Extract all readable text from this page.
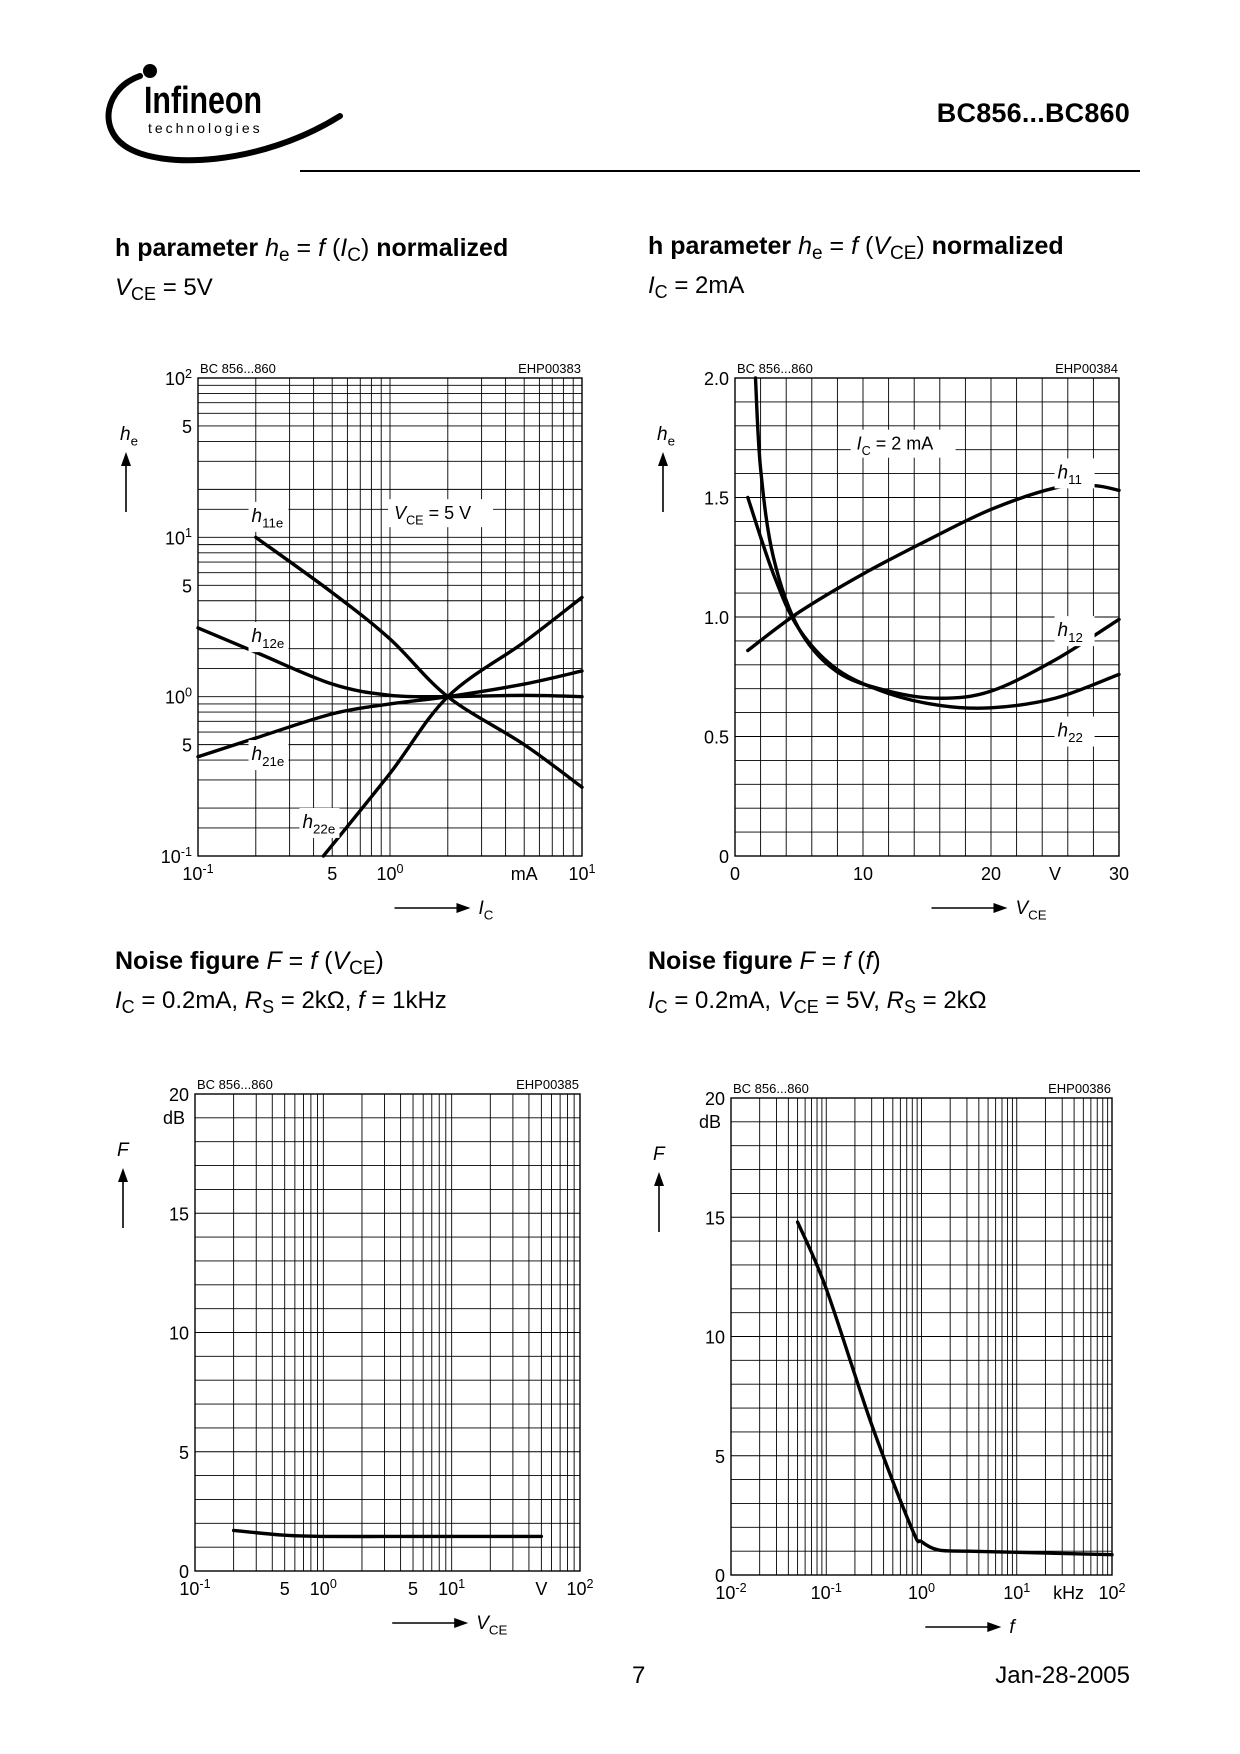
Infineon
technologies	BC856...BC860
h parameter $h_e = f$ $(I_C)$ normalized
$V_{CE} = 5V$
h parameter $h_e = f$ $(V_{CE})$ normalized
$I_C = 2mA$
Noise figure F = f $(V_{CE})$
$I_C = 0.2mA$, $R_S = 2k\Omega$, f = 1kHz
Noise figure F = f (f)
$I_C = 0.2mA$, $V_{CE} = 5V$, $R_S = 2k\Omega$
BC 856...860	EHP00383
$10^{-1}$
5
$10^0$
5
$10^1$
5
$10^2$
$10^{-1}$	5 $10^0$	mA $10^1$
$h_e$
$I_C$
$V_{CE} = 5$ V
$h_{11e}$
$h_{12e}$
$h_{21e}$
$h_{22e}$
BC 856...860	EHP00384
0
0.5
1.0
1.5
2.0
0	10	20	V	30
$h_e$
$V_{CE}$
$I_C = 2$ mA
$h_{11}$
$h_{12}$
$h_{22}$
BC 856...860	EHP00385
0
5
10
15
20
$10^{-1}$	5 $10^0$	5 $10^1$	V $10^2$
dB
F
$V_{CE}$
BC 856...860	EHP00386
0
5
10
15
20
$10^{-2}$	$10^{-1}$	$10^0$	$10^1$ kHz $10^2$
dB
F
f
7	Jan-28-2005
